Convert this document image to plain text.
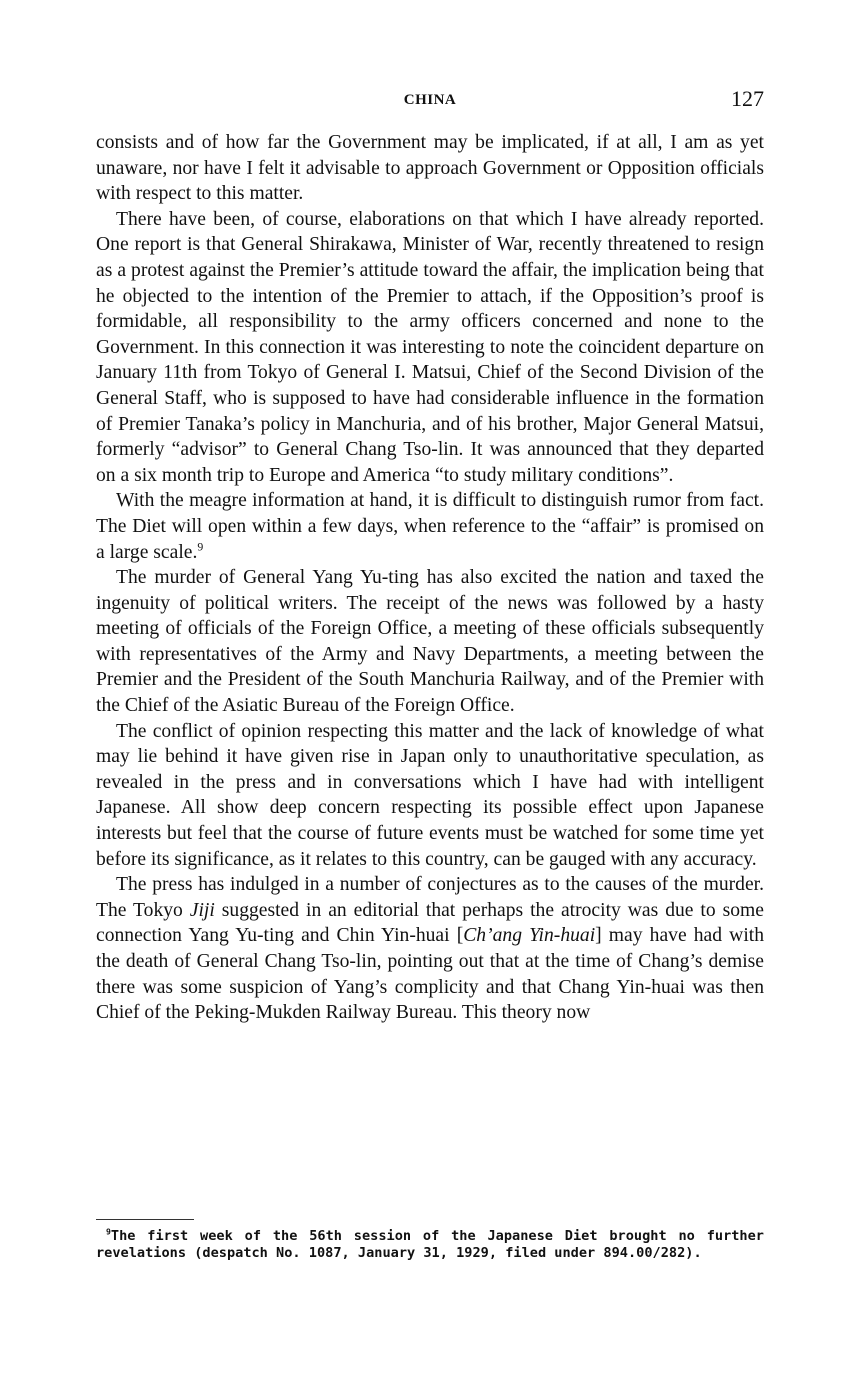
CHINA	127

consists and of how far the Government may be implicated, if at all, I am as yet unaware, nor have I felt it advisable to approach Government or Opposition officials with respect to this matter.

There have been, of course, elaborations on that which I have already reported. One report is that General Shirakawa, Minister of War, recently threatened to resign as a protest against the Premier’s attitude toward the affair, the implication being that he objected to the intention of the Premier to attach, if the Opposition’s proof is formidable, all responsibility to the army officers concerned and none to the Government. In this connection it was interesting to note the coincident departure on January 11th from Tokyo of General I. Matsui, Chief of the Second Division of the General Staff, who is supposed to have had considerable influence in the formation of Premier Tanaka’s policy in Manchuria, and of his brother, Major General Matsui, formerly “advisor” to General Chang Tso-lin. It was announced that they departed on a six month trip to Europe and America “to study military conditions”.

With the meagre information at hand, it is difficult to distinguish rumor from fact. The Diet will open within a few days, when reference to the “affair” is promised on a large scale.$^9$

The murder of General Yang Yu-ting has also excited the nation and taxed the ingenuity of political writers. The receipt of the news was followed by a hasty meeting of officials of the Foreign Office, a meeting of these officials subsequently with representatives of the Army and Navy Departments, a meeting between the Premier and the President of the South Manchuria Railway, and of the Premier with the Chief of the Asiatic Bureau of the Foreign Office.

The conflict of opinion respecting this matter and the lack of knowledge of what may lie behind it have given rise in Japan only to unauthoritative speculation, as revealed in the press and in conversations which I have had with intelligent Japanese. All show deep concern respecting its possible effect upon Japanese interests but feel that the course of future events must be watched for some time yet before its significance, as it relates to this country, can be gauged with any accuracy.

The press has indulged in a number of conjectures as to the causes of the murder. The Tokyo Jiji suggested in an editorial that perhaps the atrocity was due to some connection Yang Yu-ting and Chin Yin-huai [Ch’ang Yin-huai] may have had with the death of General Chang Tso-lin, pointing out that at the time of Chang’s demise there was some suspicion of Yang’s complicity and that Chang Yin-huai was then Chief of the Peking-Mukden Railway Bureau. This theory now

$^9$The first week of the 56th session of the Japanese Diet brought no further revelations (despatch No. 1087, January 31, 1929, filed under 894.00/282).
